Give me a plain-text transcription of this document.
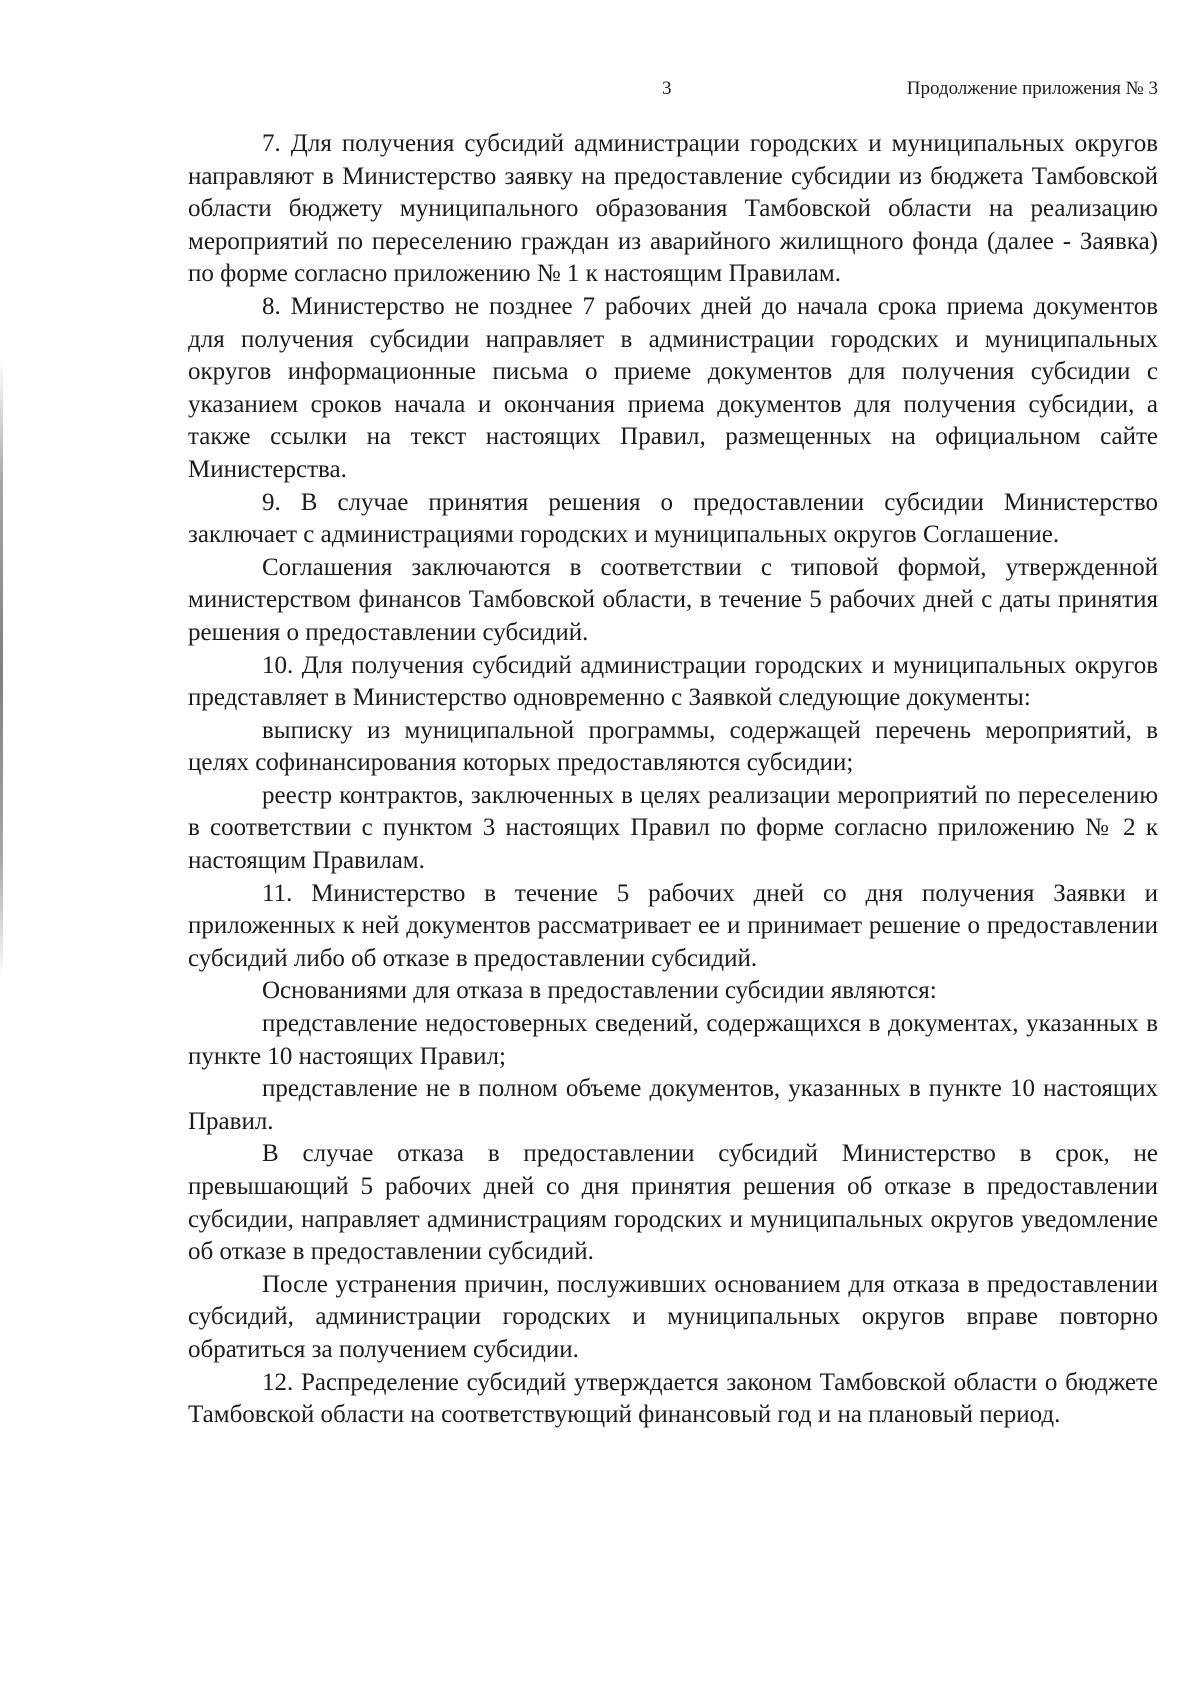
3	Продолжение приложения № 3

7. Для получения субсидий администрации городских и муниципальных округов направляют в Министерство заявку на предоставление субсидии из бюджета Тамбовской области бюджету муниципального образования Тамбовской области на реализацию мероприятий по переселению граждан из аварийного жилищного фонда (далее - Заявка) по форме согласно приложению № 1 к настоящим Правилам.

8. Министерство не позднее 7 рабочих дней до начала срока приема документов для получения субсидии направляет в администрации городских и муниципальных округов информационные письма о приеме документов для получения субсидии с указанием сроков начала и окончания приема документов для получения субсидии, а также ссылки на текст настоящих Правил, размещенных на официальном сайте Министерства.

9. В случае принятия решения о предоставлении субсидии Министерство заключает с администрациями городских и муниципальных округов Соглашение.

Соглашения заключаются в соответствии с типовой формой, утвержденной министерством финансов Тамбовской области, в течение 5 рабочих дней с даты принятия решения о предоставлении субсидий.

10. Для получения субсидий администрации городских и муниципальных округов представляет в Министерство одновременно с Заявкой следующие документы:

выписку из муниципальной программы, содержащей перечень мероприятий, в целях софинансирования которых предоставляются субсидии;

реестр контрактов, заключенных в целях реализации мероприятий по переселению в соответствии с пунктом 3 настоящих Правил по форме согласно приложению № 2 к настоящим Правилам.

11. Министерство в течение 5 рабочих дней со дня получения Заявки и приложенных к ней документов рассматривает ее и принимает решение о предоставлении субсидий либо об отказе в предоставлении субсидий.

Основаниями для отказа в предоставлении субсидии являются:

представление недостоверных сведений, содержащихся в документах, указанных в пункте 10 настоящих Правил;

представление не в полном объеме документов, указанных в пункте 10 настоящих Правил.

В случае отказа в предоставлении субсидий Министерство в срок, не превышающий 5 рабочих дней со дня принятия решения об отказе в предоставлении субсидии, направляет администрациям городских и муниципальных округов уведомление об отказе в предоставлении субсидий.

После устранения причин, послуживших основанием для отказа в предоставлении субсидий, администрации городских и муниципальных округов вправе повторно обратиться за получением субсидии.

12. Распределение субсидий утверждается законом Тамбовской области о бюджете Тамбовской области на соответствующий финансовый год и на плановый период.
